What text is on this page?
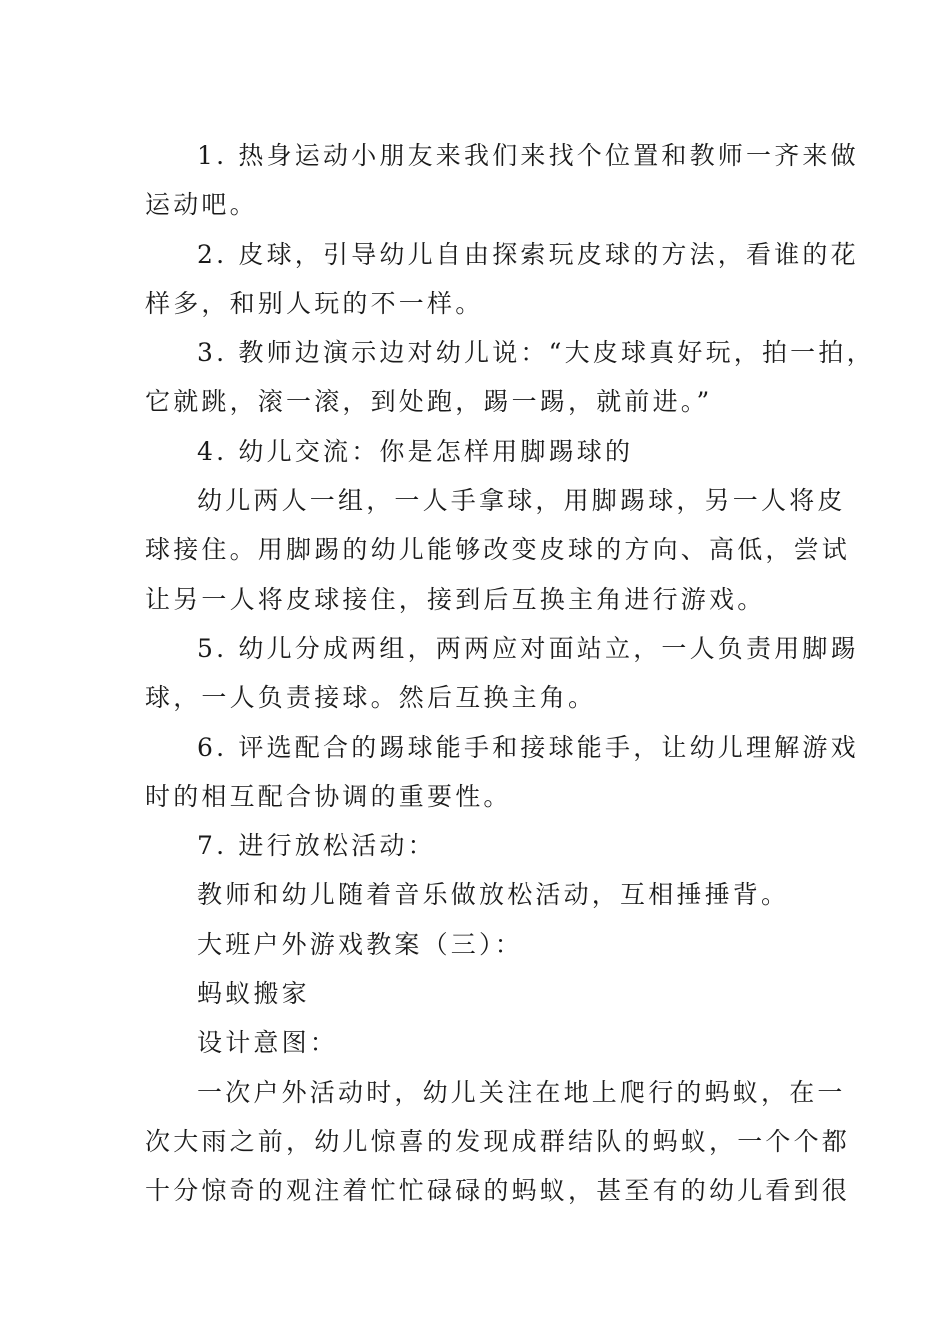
1. 热身运动小朋友来我们来找个位置和教师一齐来做
运动吧。
2. 皮球，引导幼儿自由探索玩皮球的方法，看谁的花
样多，和别人玩的不一样。
3. 教师边演示边对幼儿说：“大皮球真好玩，拍一拍，
它就跳，滚一滚，到处跑，踢一踢，就前进。”
4. 幼儿交流：你是怎样用脚踢球的
幼儿两人一组，一人手拿球，用脚踢球，另一人将皮
球接住。用脚踢的幼儿能够改变皮球的方向、高低，尝试
让另一人将皮球接住，接到后互换主角进行游戏。
5. 幼儿分成两组，两两应对面站立，一人负责用脚踢
球，一人负责接球。然后互换主角。
6. 评选配合的踢球能手和接球能手，让幼儿理解游戏
时的相互配合协调的重要性。
7. 进行放松活动：
教师和幼儿随着音乐做放松活动，互相捶捶背。
大班户外游戏教案（三）：
蚂蚁搬家
设计意图：
一次户外活动时，幼儿关注在地上爬行的蚂蚁，在一
次大雨之前，幼儿惊喜的发现成群结队的蚂蚁，一个个都
十分惊奇的观注着忙忙碌碌的蚂蚁，甚至有的幼儿看到很
